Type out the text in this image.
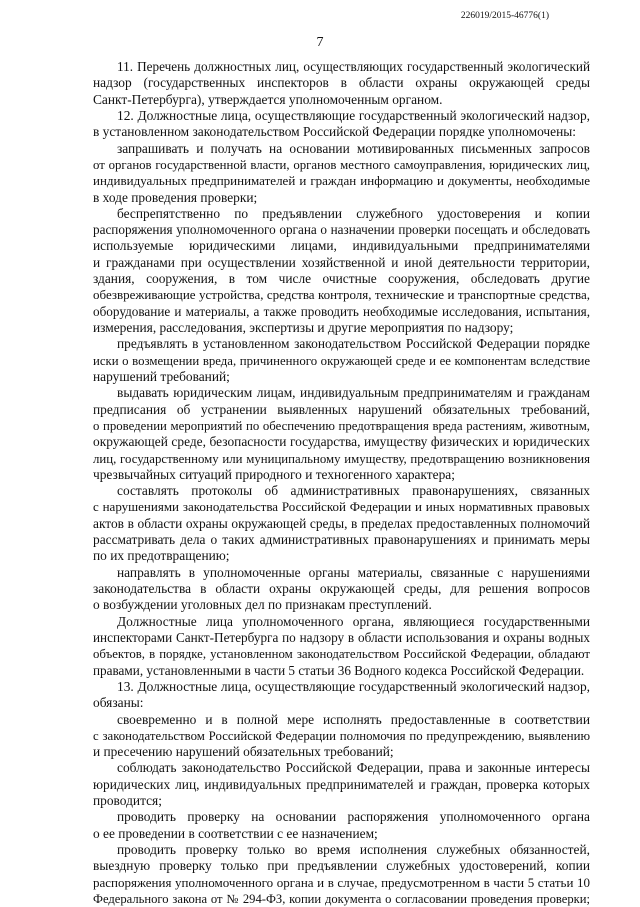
226019/2015-46776(1)
7
11. Перечень должностных лиц, осуществляющих государственный экологический
надзор (государственных инспекторов в области охраны окружающей среды
Санкт-Петербурга), утверждается уполномоченным органом.
12. Должностные лица, осуществляющие государственный экологический надзор,
в установленном законодательством Российской Федерации порядке уполномочены:
запрашивать и получать на основании мотивированных письменных запросов
от органов государственной власти, органов местного самоуправления, юридических лиц,
индивидуальных предпринимателей и граждан информацию и документы, необходимые
в ходе проведения проверки;
беспрепятственно по предъявлении служебного удостоверения и копии
распоряжения уполномоченного органа о назначении проверки посещать и обследовать
используемые юридическими лицами, индивидуальными предпринимателями
и гражданами при осуществлении хозяйственной и иной деятельности территории,
здания, сооружения, в том числе очистные сооружения, обследовать другие
обезвреживающие устройства, средства контроля, технические и транспортные средства,
оборудование и материалы, а также проводить необходимые исследования, испытания,
измерения, расследования, экспертизы и другие мероприятия по надзору;
предъявлять в установленном законодательством Российской Федерации порядке
иски о возмещении вреда, причиненного окружающей среде и ее компонентам вследствие
нарушений требований;
выдавать юридическим лицам, индивидуальным предпринимателям и гражданам
предписания об устранении выявленных нарушений обязательных требований,
о проведении мероприятий по обеспечению предотвращения вреда растениям, животным,
окружающей среде, безопасности государства, имуществу физических и юридических
лиц, государственному или муниципальному имуществу, предотвращению возникновения
чрезвычайных ситуаций природного и техногенного характера;
составлять протоколы об административных правонарушениях, связанных
с нарушениями законодательства Российской Федерации и иных нормативных правовых
актов в области охраны окружающей среды, в пределах предоставленных полномочий
рассматривать дела о таких административных правонарушениях и принимать меры
по их предотвращению;
направлять в уполномоченные органы материалы, связанные с нарушениями
законодательства в области охраны окружающей среды, для решения вопросов
о возбуждении уголовных дел по признакам преступлений.
Должностные лица уполномоченного органа, являющиеся государственными
инспекторами Санкт-Петербурга по надзору в области использования и охраны водных
объектов, в порядке, установленном законодательством Российской Федерации, обладают
правами, установленными в части 5 статьи 36 Водного кодекса Российской Федерации.
13. Должностные лица, осуществляющие государственный экологический надзор,
обязаны:
своевременно и в полной мере исполнять предоставленные в соответствии
с законодательством Российской Федерации полномочия по предупреждению, выявлению
и пресечению нарушений обязательных требований;
соблюдать законодательство Российской Федерации, права и законные интересы
юридических лиц, индивидуальных предпринимателей и граждан, проверка которых
проводится;
проводить проверку на основании распоряжения уполномоченного органа
о ее проведении в соответствии с ее назначением;
проводить проверку только во время исполнения служебных обязанностей,
выездную проверку только при предъявлении служебных удостоверений, копии
распоряжения уполномоченного органа и в случае, предусмотренном в части 5 статьи 10
Федерального закона от № 294-ФЗ, копии документа о согласовании проведения проверки;
